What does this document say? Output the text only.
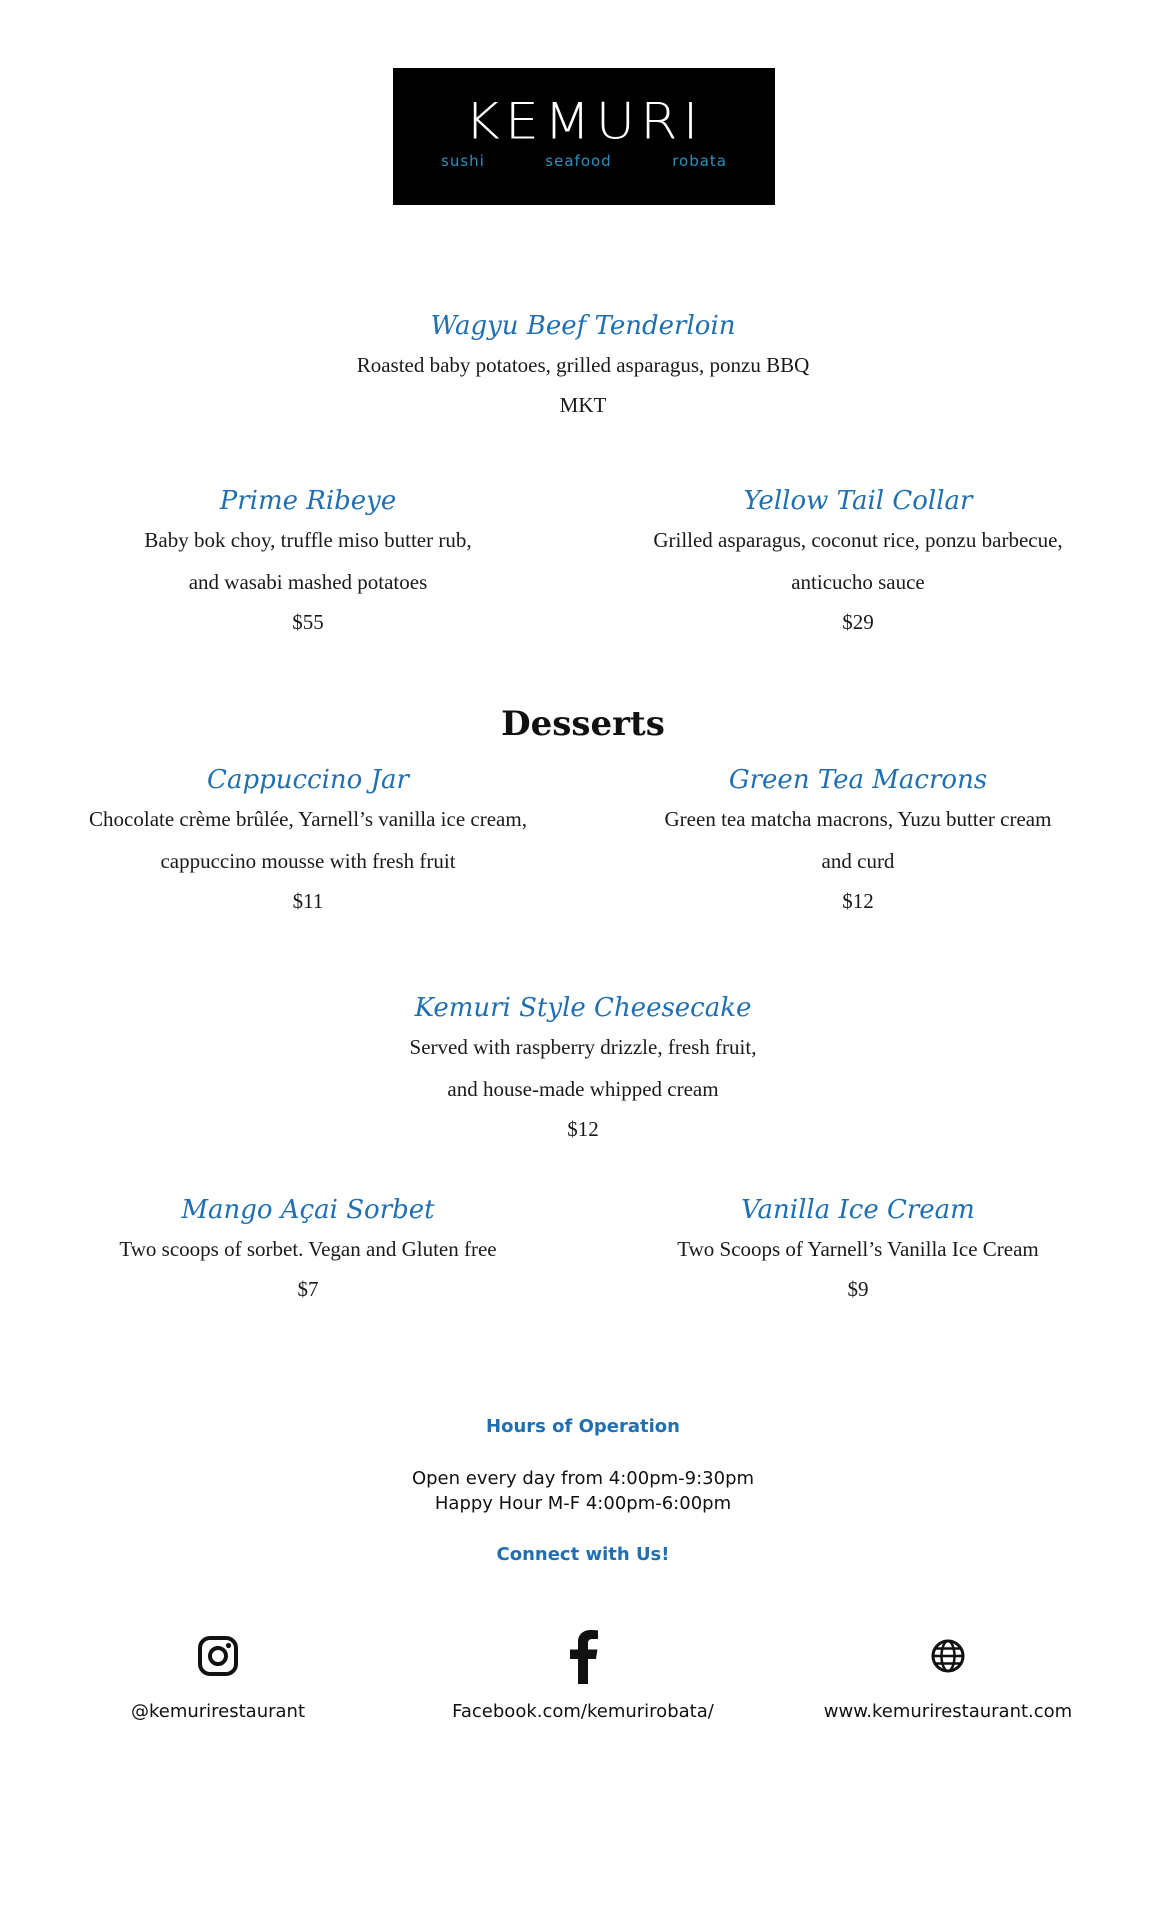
KEMURI
sushi	seafood	robata
Wagyu Beef Tenderloin
Roasted baby potatoes, grilled asparagus, ponzu BBQ
MKT
Prime Ribeye
Baby bok choy, truffle miso butter rub,
and wasabi mashed potatoes
$55
Yellow Tail Collar
Grilled asparagus, coconut rice, ponzu barbecue,
anticucho sauce
$29
Desserts
Cappuccino Jar
Chocolate crème brûlée, Yarnell’s vanilla ice cream,
cappuccino mousse with fresh fruit
$11
Green Tea Macrons
Green tea matcha macrons, Yuzu butter cream
and curd
$12
Kemuri Style Cheesecake
Served with raspberry drizzle, fresh fruit,
and house-made whipped cream
$12
Mango Açai Sorbet
Two scoops of sorbet. Vegan and Gluten free
$7
Vanilla Ice Cream
Two Scoops of Yarnell’s Vanilla Ice Cream
$9
Hours of Operation
Open every day from 4:00pm-9:30pm
Happy Hour M-F 4:00pm-6:00pm
Connect with Us!
@kemurirestaurant	Facebook.com/kemurirobata/	www.kemurirestaurant.com
